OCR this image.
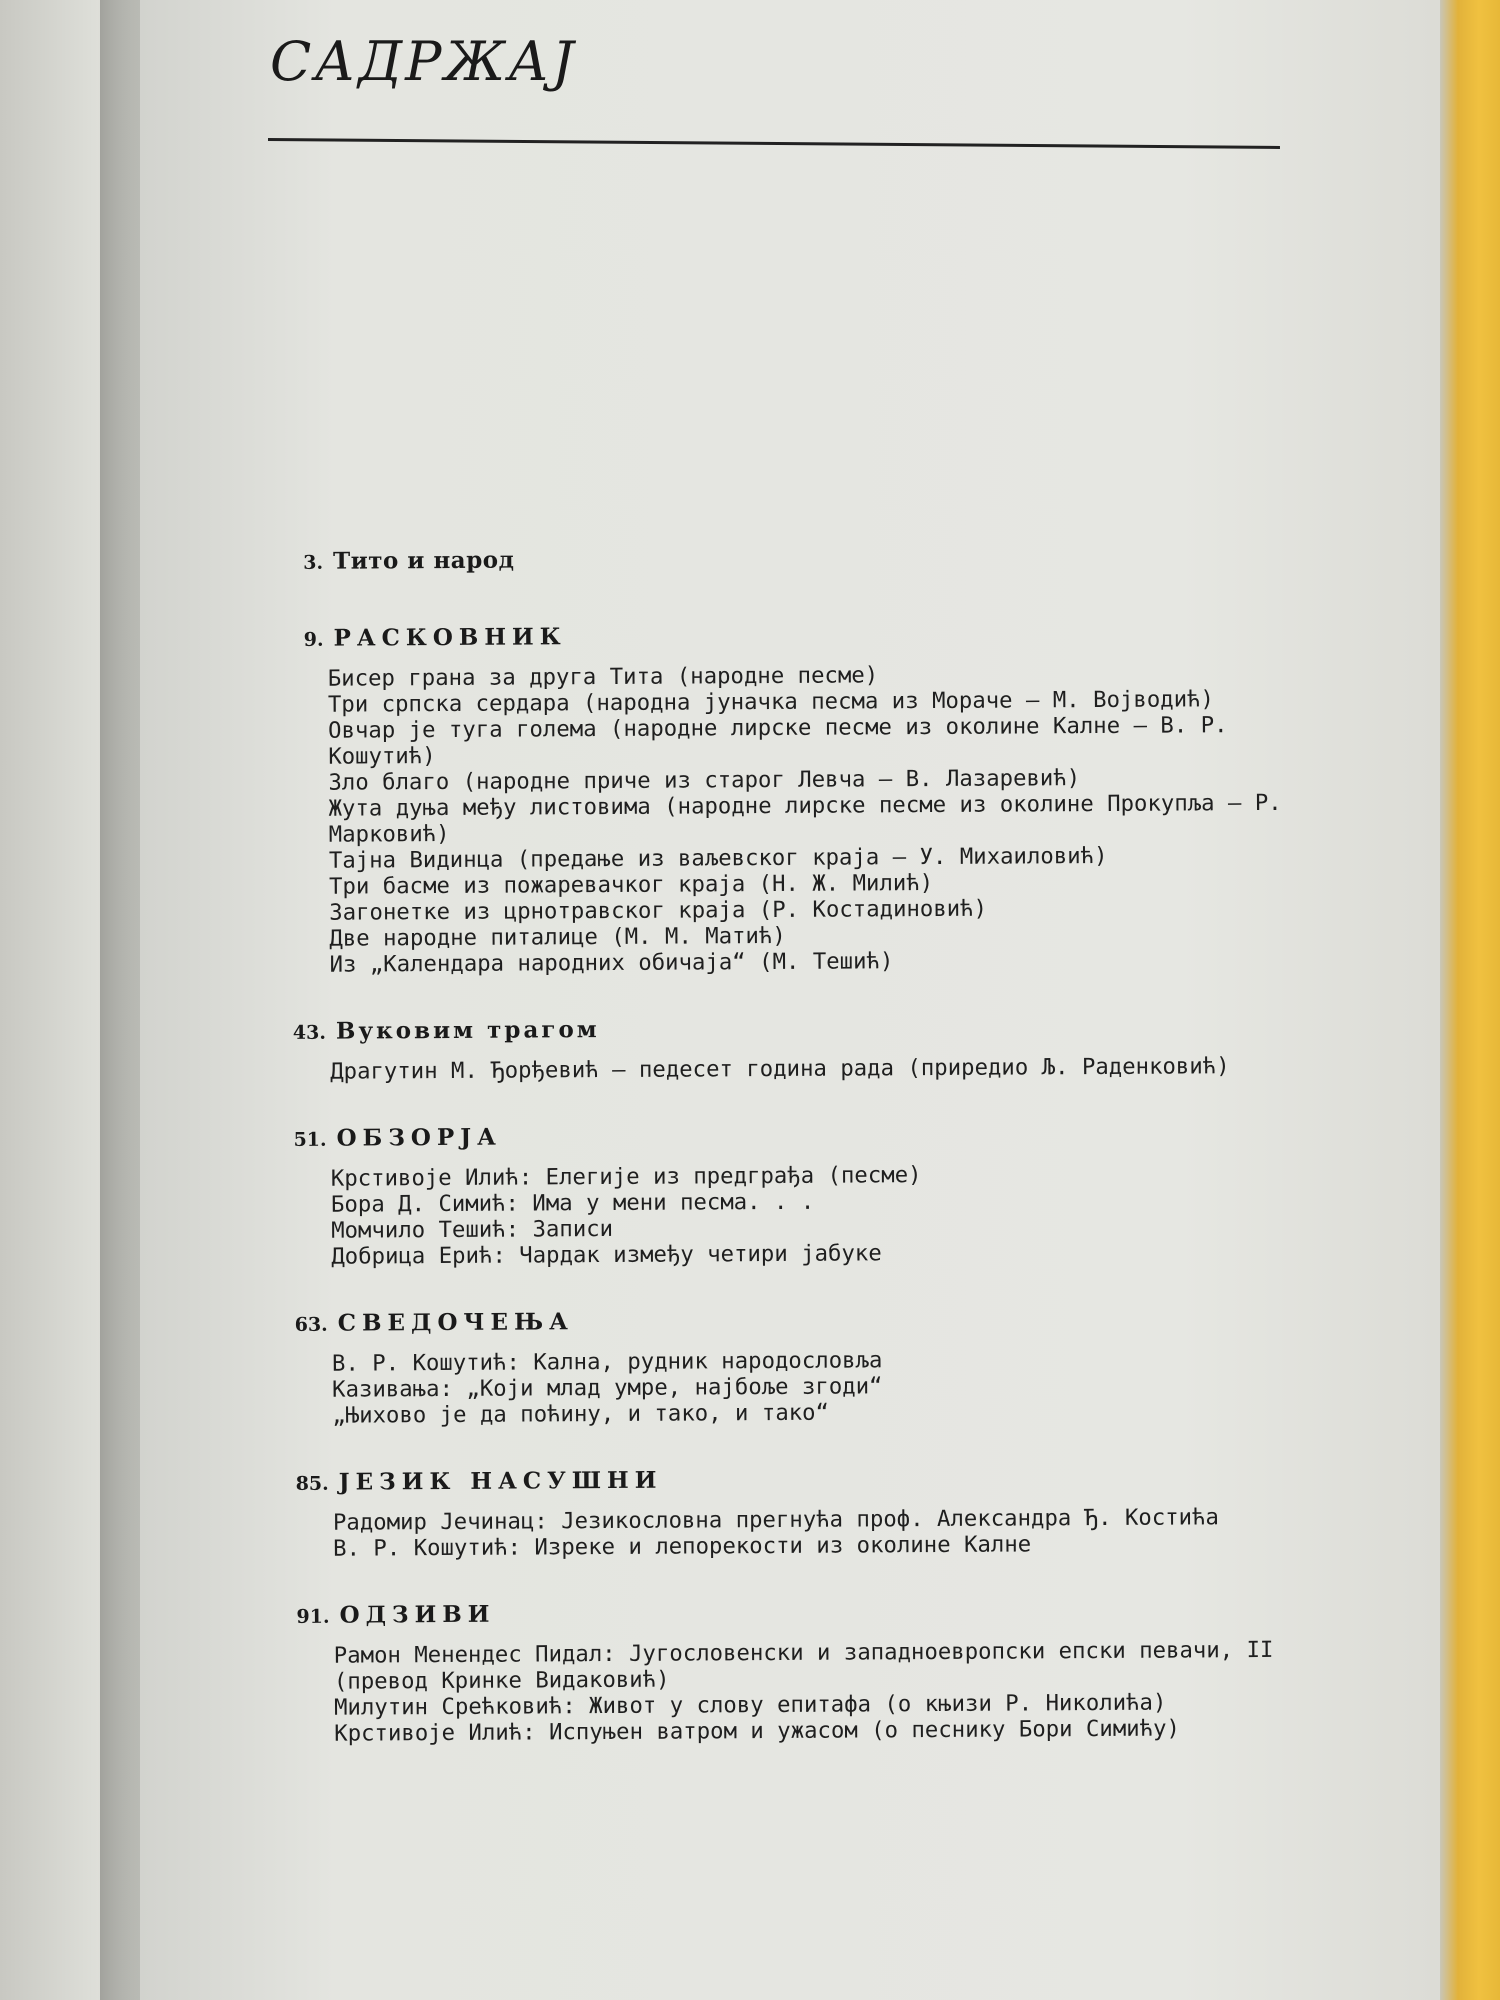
САДРЖАЈ
3. Тито и народ
9. РАСКОВНИК
Бисер грана за друга Тита (народне песме)
Три српска сердара (народна јуначка песма из Мораче — М. Војводић)
Овчар је туга голема (народне лирске песме из околине Калне — В. Р. Кошутић)
Зло благо (народне приче из старог Левча — В. Лазаревић)
Жута дуња међу листовима (народне лирске песме из околине Прокупља — Р. Марковић)
Тајна Видинца (предање из ваљевског краја — У. Михаиловић)
Три басме из пожаревачког краја (Н. Ж. Милић)
Загонетке из црнотравског краја (Р. Костадиновић)
Две народне питалице (М. М. Матић)
Из „Календара народних обичаја“ (М. Тешић)
43. Вуковим трагом
Драгутин М. Ђорђевић — педесет година рада (приредио Љ. Раденковић)
51. ОБЗОРЈА
Крстивоје Илић: Елегије из предграђа (песме)
Бора Д. Симић: Има у мени песма. . .
Момчило Тешић: Записи
Добрица Ерић: Чардак између четири јабуке
63. СВЕДОЧЕЊА
В. Р. Кошутић: Кална, рудник народословља
Казивања: „Који млад умре, најбоље згоди“
„Њихово је да поћину, и тако, и тако“
85. ЈЕЗИК НАСУШНИ
Радомир Јечинац: Језикословна прегнућа проф. Александра Ђ. Костића
В. Р. Кошутић: Изреке и лепорекости из околине Калне
91. ОДЗИВИ
Рамон Менендес Пидал: Југословенски и западноевропски епски певачи, II (превод Кринке Видаковић)
Милутин Срећковић: Живот у слову епитафа (о књизи Р. Николића)
Крстивоје Илић: Испуњен ватром и ужасом (о песнику Бори Симићу)
